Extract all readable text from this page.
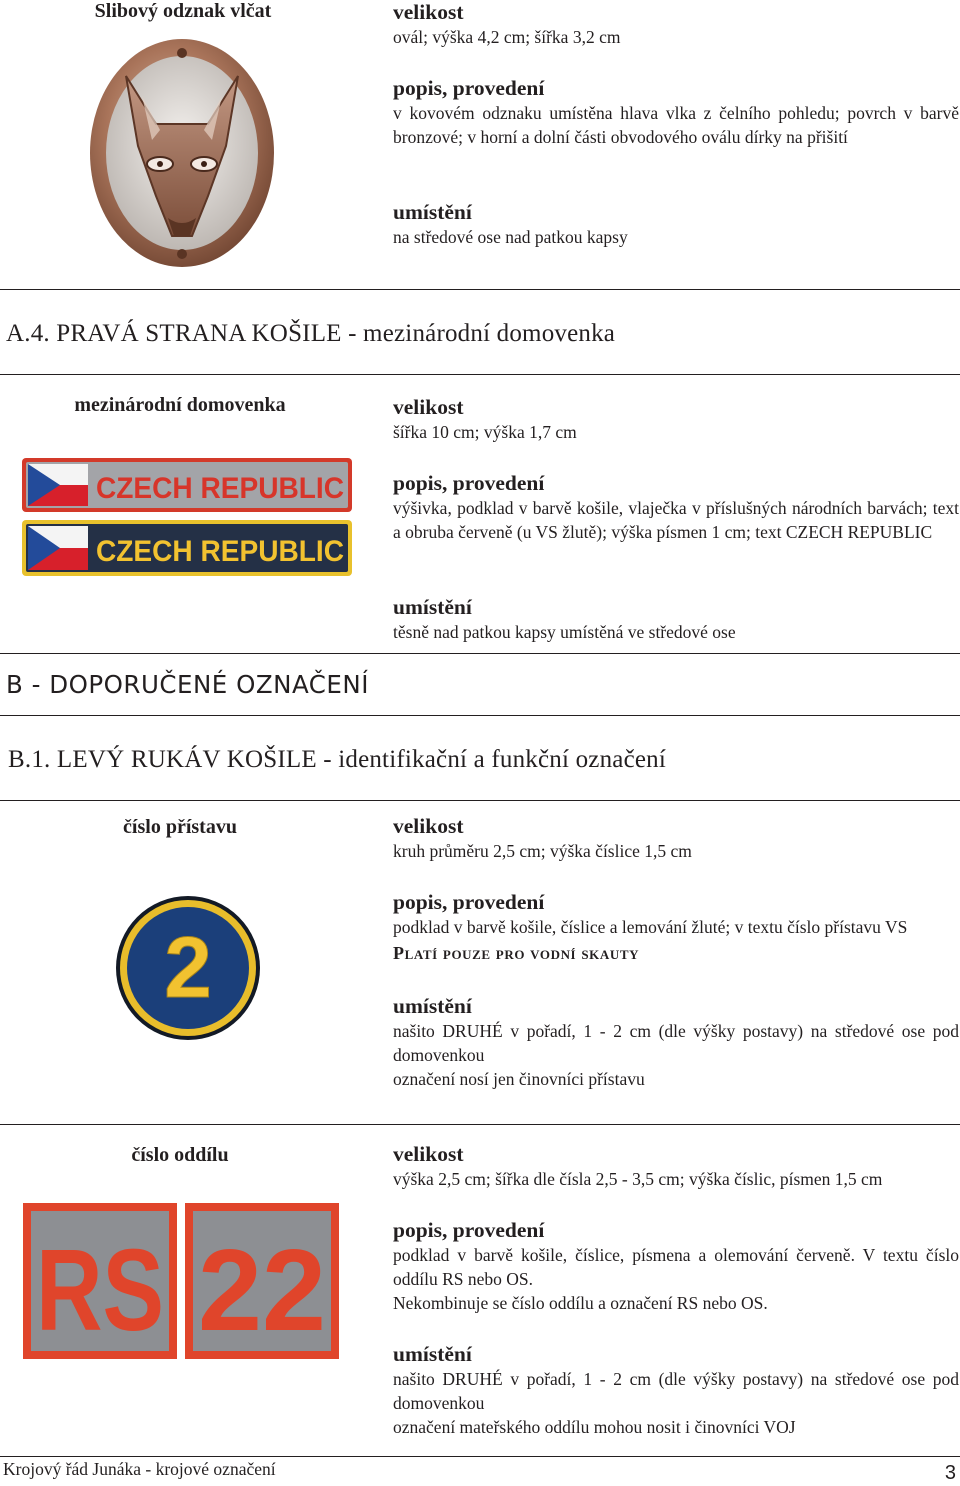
Slibový odznak vlčat	velikost
ovál; výška 4,2 cm; šířka 3,2 cm
popis, provedení
v kovovém odznaku umístěna hlava vlka z čelního pohledu; povrch v barvě bronzové; v horní a dolní části obvodového oválu dírky na přišití
umístění
na středové ose nad patkou kapsy
A.4. PRAVÁ STRANA KOŠILE - mezinárodní domovenka
mezinárodní domovenka
CZECH REPUBLIC
CZECH REPUBLIC
velikost
šířka 10 cm; výška 1,7 cm
popis, provedení
výšivka, podklad v barvě košile, vlaječka v příslušných národních barvách; text a obruba červeně (u VS žlutě); výška písmen 1 cm; text CZECH REPUBLIC
umístění
těsně nad patkou kapsy umístěná ve středové ose
B - DOPORUČENÉ OZNAČENÍ
B.1. LEVÝ RUKÁV KOŠILE - identifikační a funkční označení
číslo přístavu
2
velikost
kruh průměru 2,5 cm; výška číslice 1,5 cm
popis, provedení
podklad v barvě košile, číslice a lemování žluté; v textu číslo přístavu VS
Platí pouze pro vodní skauty
umístění
našito DRUHÉ v pořadí, 1 - 2 cm (dle výšky postavy) na středové ose pod domovenkou
označení nosí jen činovníci přístavu
číslo oddílu
RS 22
velikost
výška 2,5 cm; šířka dle čísla 2,5 - 3,5 cm; výška číslic, písmen 1,5 cm
popis, provedení
podklad v barvě košile, číslice, písmena a olemování červeně. V textu číslo oddílu RS nebo OS.
Nekombinuje se číslo oddílu a označení RS nebo OS.
umístění
našito DRUHÉ v pořadí, 1 - 2 cm (dle výšky postavy) na středové ose pod domovenkou
označení mateřského oddílu mohou nosit i činovníci VOJ
Krojový řád Junáka - krojové označení	3
